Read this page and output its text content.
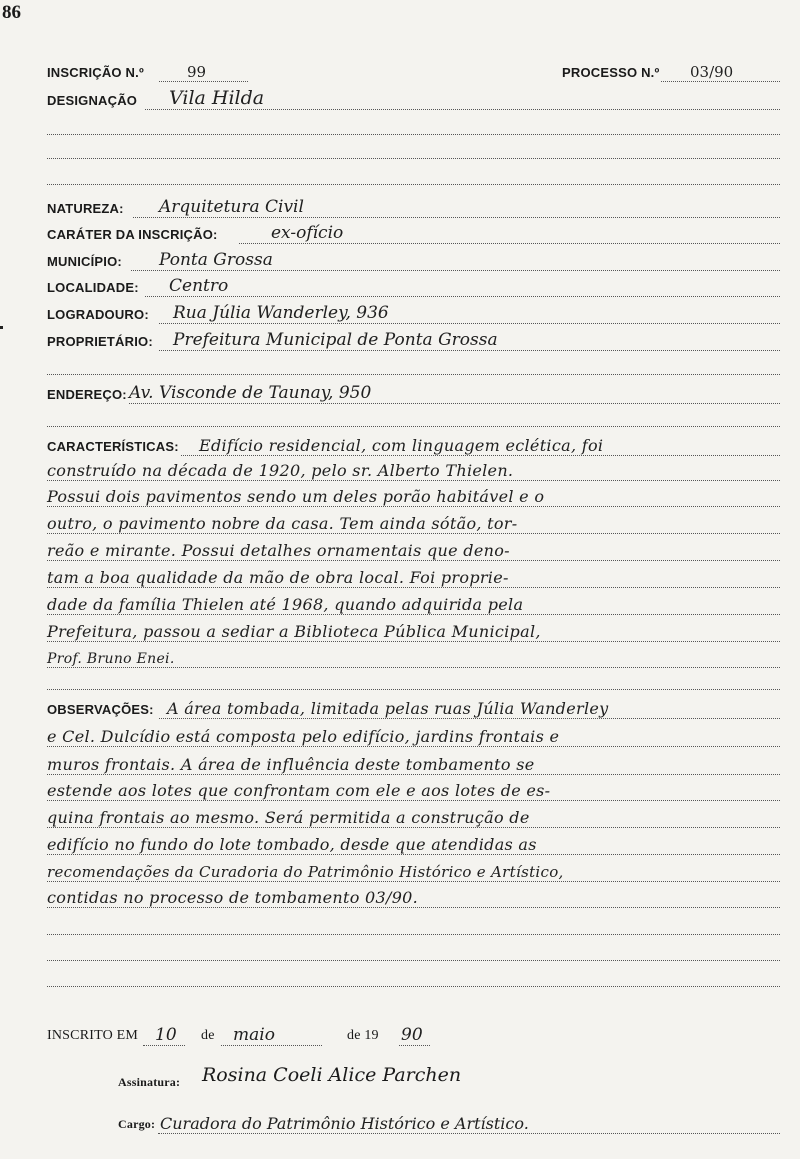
86
INSCRIÇÃO N.º	99	PROCESSO N.º 03/90
DESIGNAÇÃO Vila Hilda
NATUREZA: Arquitetura Civil
CARÁTER DA INSCRIÇÃO:	ex-ofício
MUNICÍPIO: Ponta Grossa
LOCALIDADE: Centro
LOGRADOURO: Rua Júlia Wanderley, 936
PROPRIETÁRIO: Prefeitura Municipal de Ponta Grossa
ENDEREÇO: Av. Visconde de Taunay, 950
CARACTERÍSTICAS: Edifício residencial, com linguagem eclética, foi
construído na década de 1920, pelo sr. Alberto Thielen.
Possui dois pavimentos sendo um deles porão habitável e o
outro, o pavimento nobre da casa. Tem ainda sótão, tor-
reão e mirante. Possui detalhes ornamentais que deno-
tam a boa qualidade da mão de obra local. Foi proprie-
dade da família Thielen até 1968, quando adquirida pela
Prefeitura, passou a sediar a Biblioteca Pública Municipal,
Prof. Bruno Enei.
OBSERVAÇÕES: A área tombada, limitada pelas ruas Júlia Wanderley
e Cel. Dulcídio está composta pelo edifício, jardins frontais e
muros frontais. A área de influência deste tombamento se
estende aos lotes que confrontam com ele e aos lotes de es-
quina frontais ao mesmo. Será permitida a construção de
edifício no fundo do lote tombado, desde que atendidas as
recomendações da Curadoria do Patrimônio Histórico e Artístico,
contidas no processo de tombamento 03/90.
INSCRITO EM 10 de maio	de 19 90
Assinatura: Rosina Coeli Alice Parchen
Cargo: Curadora do Patrimônio Histórico e Artístico.
